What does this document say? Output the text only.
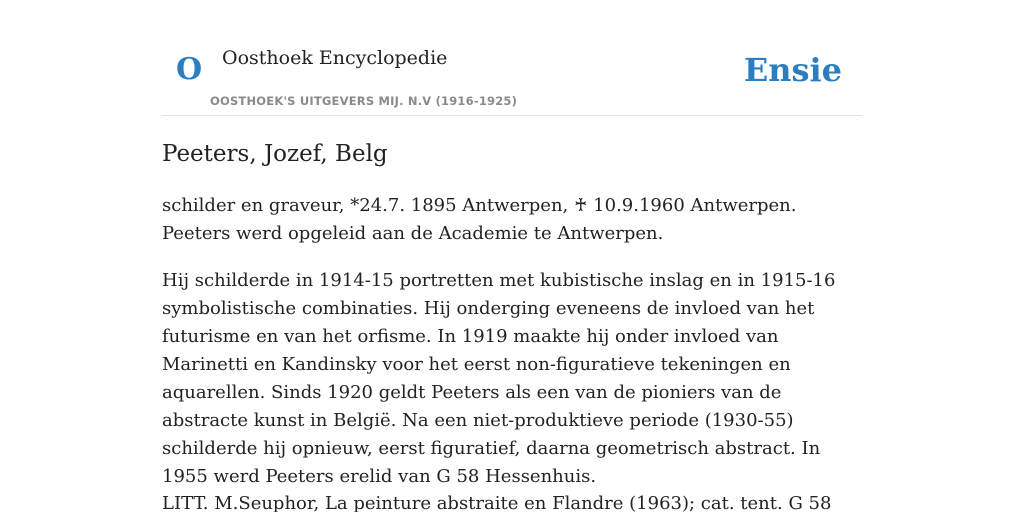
O Oosthoek Encyclopedie
OOSTHOEK'S UITGEVERS MIJ. N.V (1916-1925)
Ensie
Peeters, Jozef, Belg

schilder en graveur, *24.7. 1895 Antwerpen, ♰ 10.9.1960 Antwerpen. Peeters werd opgeleid aan de Academie te Antwerpen.

Hij schilderde in 1914-15 portretten met kubistische inslag en in 1915-16 symbolistische combinaties. Hij onderging eveneens de invloed van het futurisme en van het orfisme. In 1919 maakte hij onder invloed van Marinetti en Kandinsky voor het eerst non-figuratieve tekeningen en aquarellen. Sinds 1920 geldt Peeters als een van de pioniers van de abstracte kunst in België. Na een niet-produktieve periode (1930-55) schilderde hij opnieuw, eerst figuratief, daarna geometrisch abstract. In 1955 werd Peeters erelid van G 58 Hessenhuis.

LITT. M.Seuphor, La peinture abstraite en Flandre (1963); cat. tent. G 58
